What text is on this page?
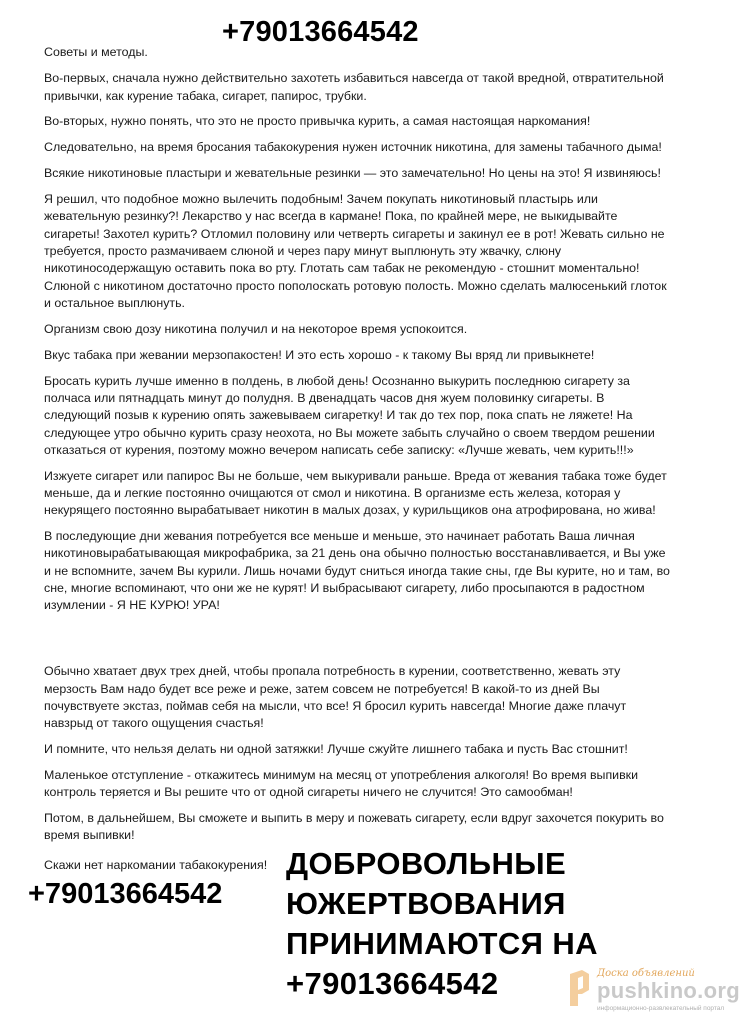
+79013664542

Советы и методы.

Во-первых, сначала нужно действительно захотеть избавиться навсегда от такой вредной, отвратительной привычки, как курение табака, сигарет, папирос, трубки.

Во-вторых, нужно понять, что это не просто привычка курить, а самая настоящая наркомания!

Следовательно, на время бросания табакокурения нужен источник никотина, для замены табачного дыма!

Всякие никотиновые пластыри и жевательные резинки — это замечательно! Но цены на это! Я извиняюсь!

Я решил, что подобное можно вылечить подобным! Зачем покупать никотиновый пластырь или жевательную резинку?! Лекарство у нас всегда в кармане! Пока, по крайней мере, не выкидывайте сигареты! Захотел курить? Отломил половину или четверть сигареты и закинул ее в рот! Жевать сильно не требуется, просто размачиваем слюной и через пару минут выплюнуть эту жвачку, слюну никотиносодержащую оставить пока во рту. Глотать сам табак не рекомендую - стошнит моментально! Слюной с никотином достаточно просто пополоскать ротовую полость. Можно сделать малюсенький глоток и остальное выплюнуть.

Организм свою дозу никотина получил и на некоторое время успокоится.

Вкус табака при жевании мерзопакостен! И это есть хорошо - к такому Вы вряд ли привыкнете!

Бросать курить лучше именно в полдень, в любой день! Осознанно выкурить последнюю сигарету за полчаса или пятнадцать минут до полудня. В двенадцать часов дня жуем половинку сигареты. В следующий позыв к курению опять зажевываем сигаретку! И так до тех пор, пока спать не ляжете! На следующее утро обычно курить сразу неохота, но Вы можете забыть случайно о своем твердом решении отказаться от курения, поэтому можно вечером написать себе записку: «Лучше жевать, чем курить!!!»

Изжуете сигарет или папирос Вы не больше, чем выкуривали раньше. Вреда от жевания табака тоже будет меньше, да и легкие постоянно очищаются от смол и никотина. В организме есть железа, которая у некурящего постоянно вырабатывает никотин в малых дозах, у курильщиков она атрофирована, но жива!

В последующие дни жевания потребуется все меньше и меньше, это начинает работать Ваша личная никотиновырабатывающая микрофабрика, за 21 день она обычно полностью восстанавливается, и Вы уже и не вспомните, зачем Вы курили. Лишь ночами будут сниться иногда такие сны, где Вы курите, но и там, во сне, многие вспоминают, что они же не курят! И выбрасывают сигарету, либо просыпаются в радостном изумлении - Я НЕ КУРЮ! УРА!

Обычно хватает двух трех дней, чтобы пропала потребность в курении, соответственно, жевать эту мерзость Вам надо будет все реже и реже, затем совсем не потребуется! В какой-то из дней Вы почувствуете экстаз, поймав себя на мысли, что все! Я бросил курить навсегда! Многие даже плачут навзрыд от такого ощущения счастья!

И помните, что нельзя делать ни одной затяжки! Лучше сжуйте лишнего табака и пусть Вас стошнит!

Маленькое отступление - откажитесь минимум на месяц от употребления алкоголя! Во время выпивки контроль теряется и Вы решите что от одной сигареты ничего не случится! Это самообман!

Потом, в дальнейшем, Вы сможете и выпить в меру и пожевать сигарету, если вдруг захочется покурить во время выпивки!

Скажи нет наркомании табакокурения!

+79013664542
ДОБРОВОЛЬНЫЕ
ЮЖЕРТВОВАНИЯ
ПРИНИМАЮТСЯ НА
+79013664542	Доска объявлений
pushkino.org
информационно-развлекательный портал
